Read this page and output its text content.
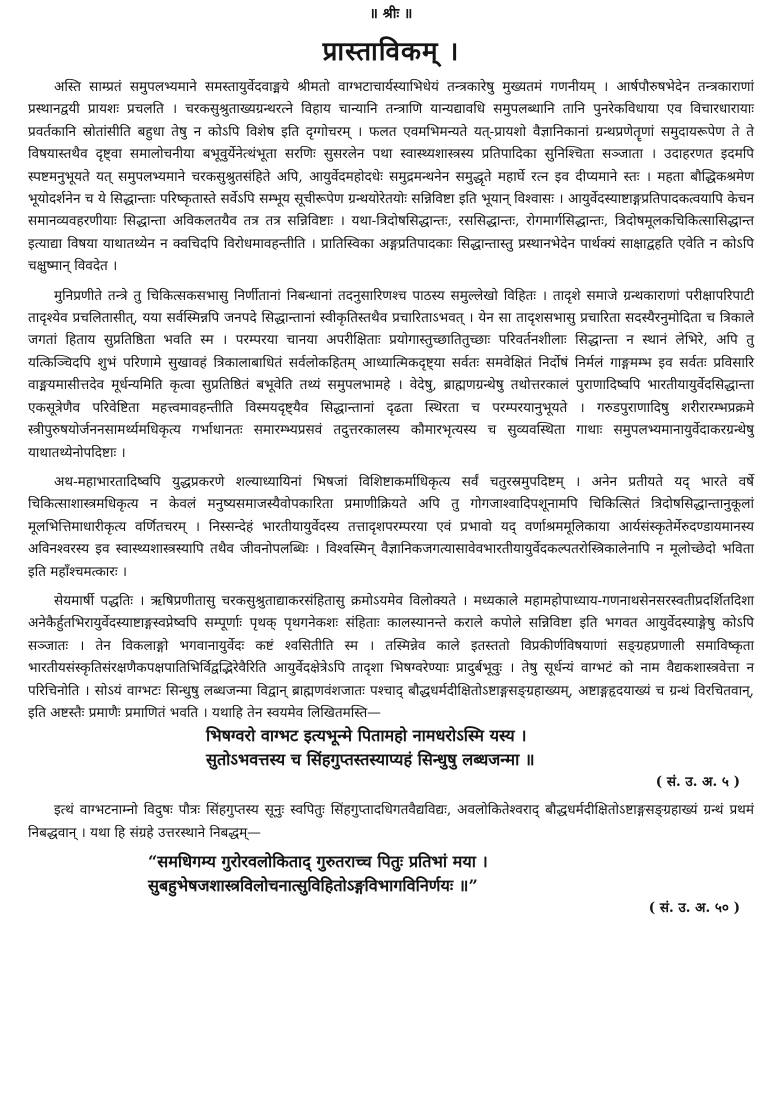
॥ श्रीः ॥
प्रास्ताविकम् ।

अस्ति साम्प्रतं समुपलभ्यमाने समस्तायुर्वेदवाङ्मये श्रीमतो वाग्भटाचार्यस्याभिधेयं तन्त्रकारेषु मुख्यतमं गणनीयम् । आर्षपौरुषभेदेन तन्त्रकाराणां प्रस्थानद्वयी प्रायशः प्रचलति । चरकसुश्रुताख्यग्रन्थरत्ने विहाय चान्यानि तन्त्राणि यान्यद्यावधि समुपलब्धानि तानि पुनरेकविधाया एव विचारधारायाः प्रवर्तकानि स्रोतांसीति बहुधा तेषु न कोऽपि विशेष इति दृग्गोचरम् । फलत एवमभिमन्यते यत्-प्रायशो वैज्ञानिकानां ग्रन्थप्रणेतॄणां समुदायरूपेण ते ते विषयास्तथैव दृष्ट्वा समालोचनीया बभूवुर्येनेत्थंभूता सरणिः सुसरलेन पथा स्वास्थ्यशास्त्रस्य प्रतिपादिका सुनिश्चिता सञ्जाता । उदाहरणत इदमपि स्पष्टमनुभूयते यत् समुपलभ्यमाने चरकसुश्रुतसंहिते अपि, आयुर्वेदमहोदधेः समुद्रमन्थनेन समुद्धृते महार्घे रत्न इव दीप्यमाने स्तः । महता बौद्धिकश्रमेण भूयोदर्शनेन च ये सिद्धान्ताः परिष्कृतास्ते सर्वेऽपि सम्भूय सूचीरूपेण ग्रन्थयोरेतयोः सन्निविष्टा इति भूयान् विश्वासः । आयुर्वेदस्याष्टाङ्गप्रतिपादकत्वयापि केचन समानव्यवहरणीयाः सिद्धान्ता अविकलतयैव तत्र तत्र सन्निविष्टाः । यथा-त्रिदोषसिद्धान्तः, रससिद्धान्तः, रोगमार्गसिद्धान्तः, त्रिदोषमूलकचिकित्सासिद्धान्त इत्याद्या विषया याथातथ्येन न क्वचिदपि विरोधमावहन्तीति । प्रातिस्विका अङ्गप्रतिपादकाः सिद्धान्तास्तु प्रस्थानभेदेन पार्थक्यं साक्षाद्वहति एवेति न कोऽपि चक्षुष्मान् विवदेत ।

मुनिप्रणीते तन्त्रे तु चिकित्सकसभासु निर्णीतानां निबन्धानां तदनुसारिणश्च पाठस्य समुल्लेखो विहितः । तादृशे समाजे ग्रन्थकाराणां परीक्षापरिपाटी तादृश्येव प्रचलितासीत्, यया सर्वस्मिन्नपि जनपदे सिद्धान्तानां स्वीकृतिस्तथैव प्रचारिताऽभवत् । येन सा तादृशसभासु प्रचारिता सदस्यैरनुमोदिता च त्रिकाले जगतां हिताय सुप्रतिष्ठिता भवति स्म । परम्परया चानया अपरीक्षिताः प्रयोगास्तुच्छातितुच्छाः परिवर्तनशीलाः सिद्धान्ता न स्थानं लेभिरे, अपि तु यत्किञ्चिदपि शुभं परिणामे सुखावहं त्रिकालाबाधितं सर्वलोकहितम् आध्यात्मिकदृष्ट्या सर्वतः समवेक्षितं निर्दोषं निर्मलं गाङ्गमम्भ इव सर्वतः प्रविसारि वाङ्मयमासीत्तदेव मूर्धन्यमिति कृत्वा सुप्रतिष्ठितं बभूवेति तथ्यं समुपलभामहे । वेदेषु, ब्राह्मणग्रन्थेषु तथोत्तरकालं पुराणादिष्वपि भारतीयायुर्वेदसिद्धान्ता एकसूत्रेणैव परिवेष्टिता महत्त्वमावहन्तीति विस्मयदृष्ट्यैव सिद्धान्तानां दृढता स्थिरता च परम्परयानुभूयते । गरुडपुराणादिषु शरीरारम्भप्रक्रमे स्त्रीपुरुषयोर्जननसामर्थ्यमधिकृत्य गर्भाधानतः समारम्भ्यप्रसवं तदुत्तरकालस्य कौमारभृत्यस्य च सुव्यवस्थिता गाथाः समुपलभ्यमानायुर्वेदाकरग्रन्थेषु याथातथ्येनोपदिष्टाः ।

अथ-महाभारतादिष्वपि युद्धप्रकरणे शल्याध्यायिनां भिषजां विशिष्टाकर्माधिकृत्य सर्वं चतुरस्रमुपदिष्टम् । अनेन प्रतीयते यद् भारते वर्षे चिकित्साशास्त्रमधिकृत्य न केवलं मनुष्यसमाजस्यैवोपकारिता प्रमाणीक्रियते अपि तु गोगजाश्वादिपशूनामपि चिकित्सितं त्रिदोषसिद्धान्तानुकूलां मूलभित्तिमाधारीकृत्य वर्णितचरम् । निस्सन्देहं भारतीयायुर्वेदस्य तत्तादृशपरम्परया एवं प्रभावो यद् वर्णाश्रममूलिकाया आर्यसंस्कृतेर्मेरुदण्डायमानस्य अविनश्वरस्य इव स्वास्थ्यशास्त्रस्यापि तथैव जीवनोपलब्धिः । विश्वस्मिन् वैज्ञानिकजगत्यासावेवभारतीयायुर्वेदकल्पतरोस्त्रिकालेनापि न मूलोच्छेदो भविता इति महाँश्चमत्कारः ।

सेयमार्षी पद्धतिः । ऋषिप्रणीतासु चरकसुश्रुताद्याकरसंहितासु क्रमोऽयमेव विलोक्यते । मध्यकाले महामहोपाध्याय-गणनाथसेनसरस्वतीप्रदर्शितदिशा अनेकैर्हुतभिरायुर्वेदस्याष्टाङ्गस्वप्नेष्वपि सम्पूर्णाः पृथक् पृथगनेकशः संहिताः कालस्यानन्ते कराले कपोले सन्निविष्टा इति भगवत आयुर्वेदस्याङ्गेषु कोऽपि सञ्जातः । तेन विकलाङ्गो भगवानायुर्वेदः कष्टं श्वसितीति स्म । तस्मिन्नेव काले इतस्ततो विप्रकीर्णविषयाणां सङ्ग्रहप्रणाली समाविष्कृता भारतीयसंस्कृतिसंरक्षणैकपक्षपातिभिर्विद्वद्भिरेवैरिति आयुर्वेदक्षेत्रेऽपि तादृशा भिषग्वरेण्याः प्रादुर्बभूवुः । तेषु सूर्धन्यं वाग्भटं को नाम वैद्यकशास्त्रवेत्ता न परिचिनोति । सोऽयं वाग्भटः सिन्धुषु लब्धजन्मा विद्वान् ब्राह्मणवंशजातः पश्चाद् बौद्धधर्मदीक्षितोऽष्टाङ्गसङ्ग्रहाख्यम्, अष्टाङ्गहृदयाख्यं च ग्रन्थं विरचितवान्, इति अष्टस्तैः प्रमाणैः प्रमाणितं भवति । यथाहि तेन स्वयमेव लिखितमस्ति—

भिषग्वरो वाग्भट इत्यभून्मे पितामहो नामधरोऽस्मि यस्य ।

सुतोऽभवत्तस्य च सिंहगुप्तस्तस्याप्यहं सिन्धुषु लब्धजन्मा ॥

( सं. उ. अ. ५ )

इत्थं वाग्भटनाम्नो विदुषः पौत्रः सिंहगुप्तस्य सूनुः स्वपितुः सिंहगुप्तादधिगतवैद्यविद्यः, अवलोकितेश्वराद् बौद्धधर्मदीक्षितोऽष्टाङ्गसङ्ग्रहाख्यं ग्रन्थं प्रथमं निबद्धवान् । यथा हि संग्रहे उत्तरस्थाने निबद्धम्—

“समधिगम्य गुरोरवलोकिताद् गुरुतराच्च पितुः प्रतिभां मया ।

सुबहुभेषजशास्त्रविलोचनात्सुविहितोऽङ्गविभागविनिर्णयः ॥”

( सं. उ. अ. ५० )
